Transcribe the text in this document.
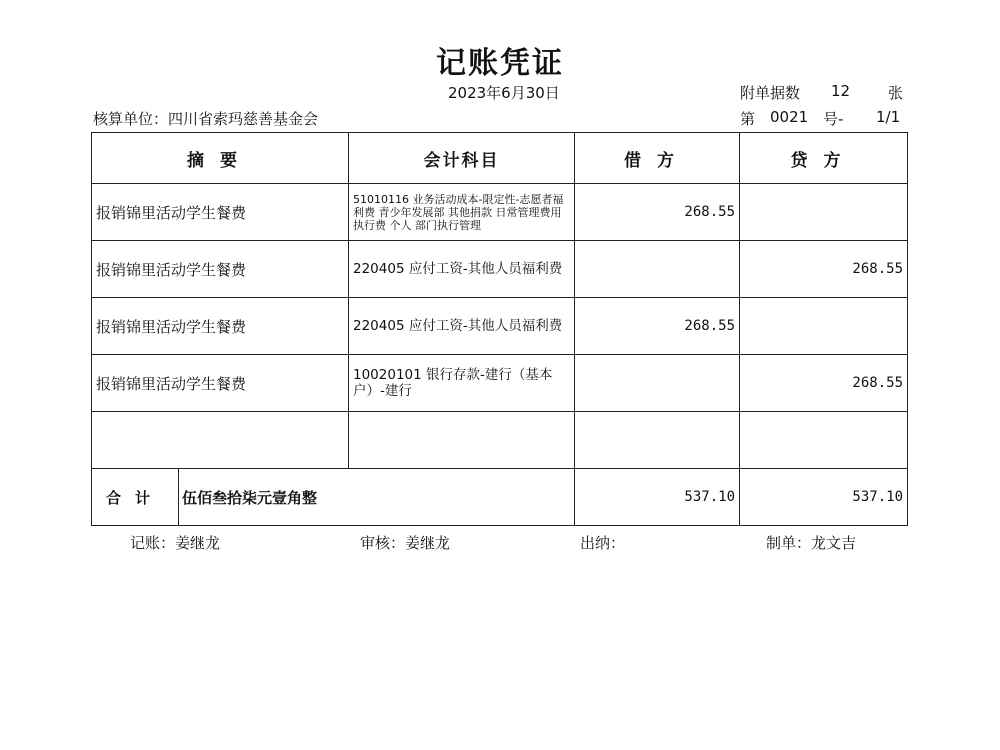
记账凭证
2023年6月30日	附单据数 12	张
核算单位：四川省索玛慈善基金会	第 0021 号- 1/1
摘要		会计科目	借方	贷方
报销锦里活动学生餐费		51010116 业务活动成本-限定性-志愿者福利费 青少年发展部 其他捐款 日常管理费用 执行费 个人 部门执行管理	268.55	
报销锦里活动学生餐费		220405 应付工资-其他人员福利费		268.55
报销锦里活动学生餐费		220405 应付工资-其他人员福利费	268.55	
报销锦里活动学生餐费		10020101 银行存款-建行（基本户）-建行		268.55

合计	伍佰叁拾柒元壹角整		537.10	537.10
记账：姜继龙	审核：姜继龙	出纳：	制单：龙文吉
